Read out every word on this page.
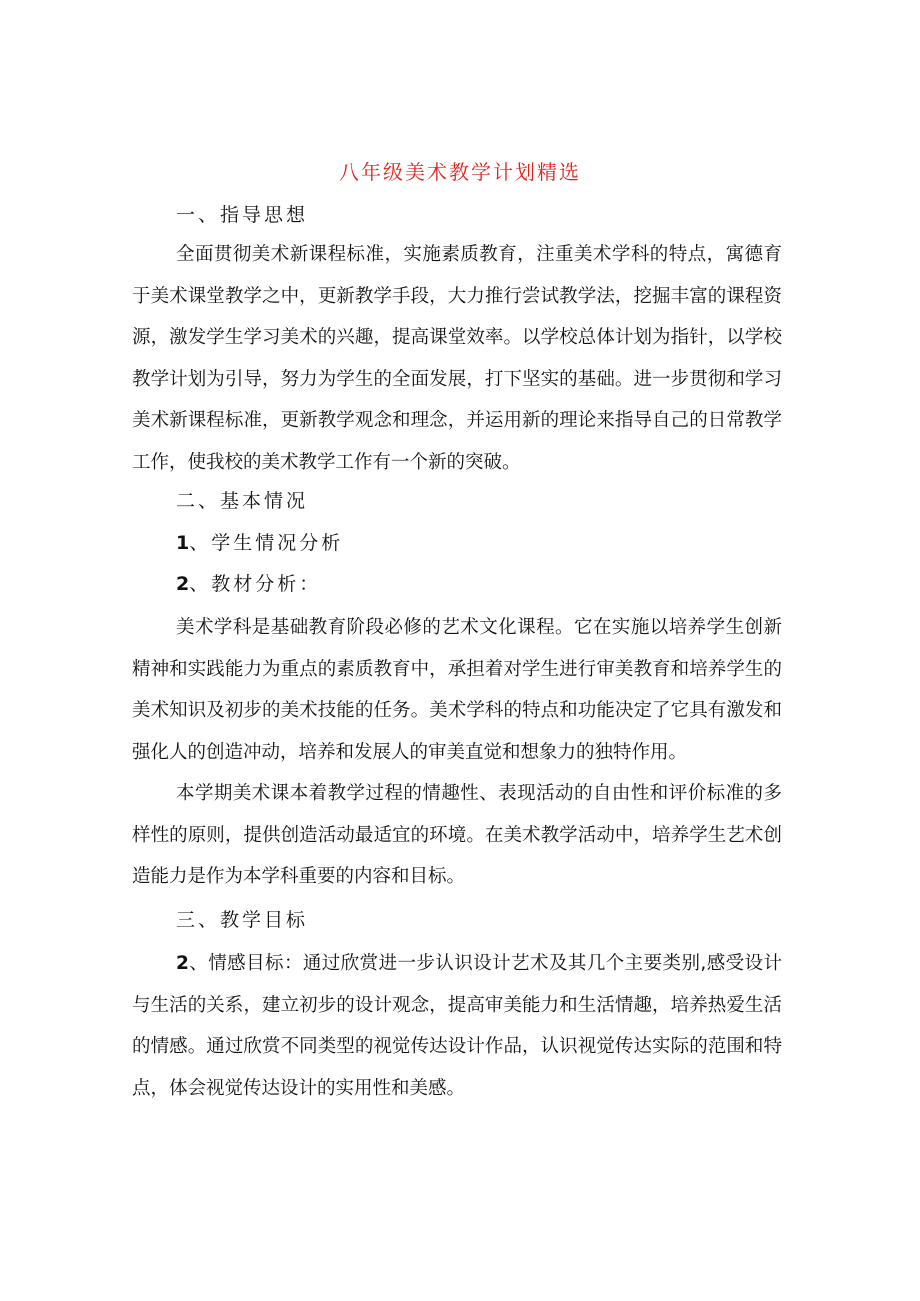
八年级美术教学计划精选
一、指导思想
全面贯彻美术新课程标准，实施素质教育，注重美术学科的特点，寓德育于美术课堂教学之中，更新教学手段，大力推行尝试教学法，挖掘丰富的课程资源，激发学生学习美术的兴趣，提高课堂效率。以学校总体计划为指针，以学校教学计划为引导，努力为学生的全面发展，打下坚实的基础。进一步贯彻和学习美术新课程标准，更新教学观念和理念，并运用新的理论来指导自己的日常教学工作，使我校的美术教学工作有一个新的突破。
二、基本情况
1、学生情况分析
2、教材分析：
美术学科是基础教育阶段必修的艺术文化课程。它在实施以培养学生创新精神和实践能力为重点的素质教育中，承担着对学生进行审美教育和培养学生的美术知识及初步的美术技能的任务。美术学科的特点和功能决定了它具有激发和强化人的创造冲动，培养和发展人的审美直觉和想象力的独特作用。
本学期美术课本着教学过程的情趣性、表现活动的自由性和评价标准的多样性的原则，提供创造活动最适宜的环境。在美术教学活动中，培养学生艺术创造能力是作为本学科重要的内容和目标。
三、教学目标
2、情感目标：通过欣赏进一步认识设计艺术及其几个主要类别,感受设计与生活的关系，建立初步的设计观念，提高审美能力和生活情趣，培养热爱生活的情感。通过欣赏不同类型的视觉传达设计作品，认识视觉传达实际的范围和特点，体会视觉传达设计的实用性和美感。
